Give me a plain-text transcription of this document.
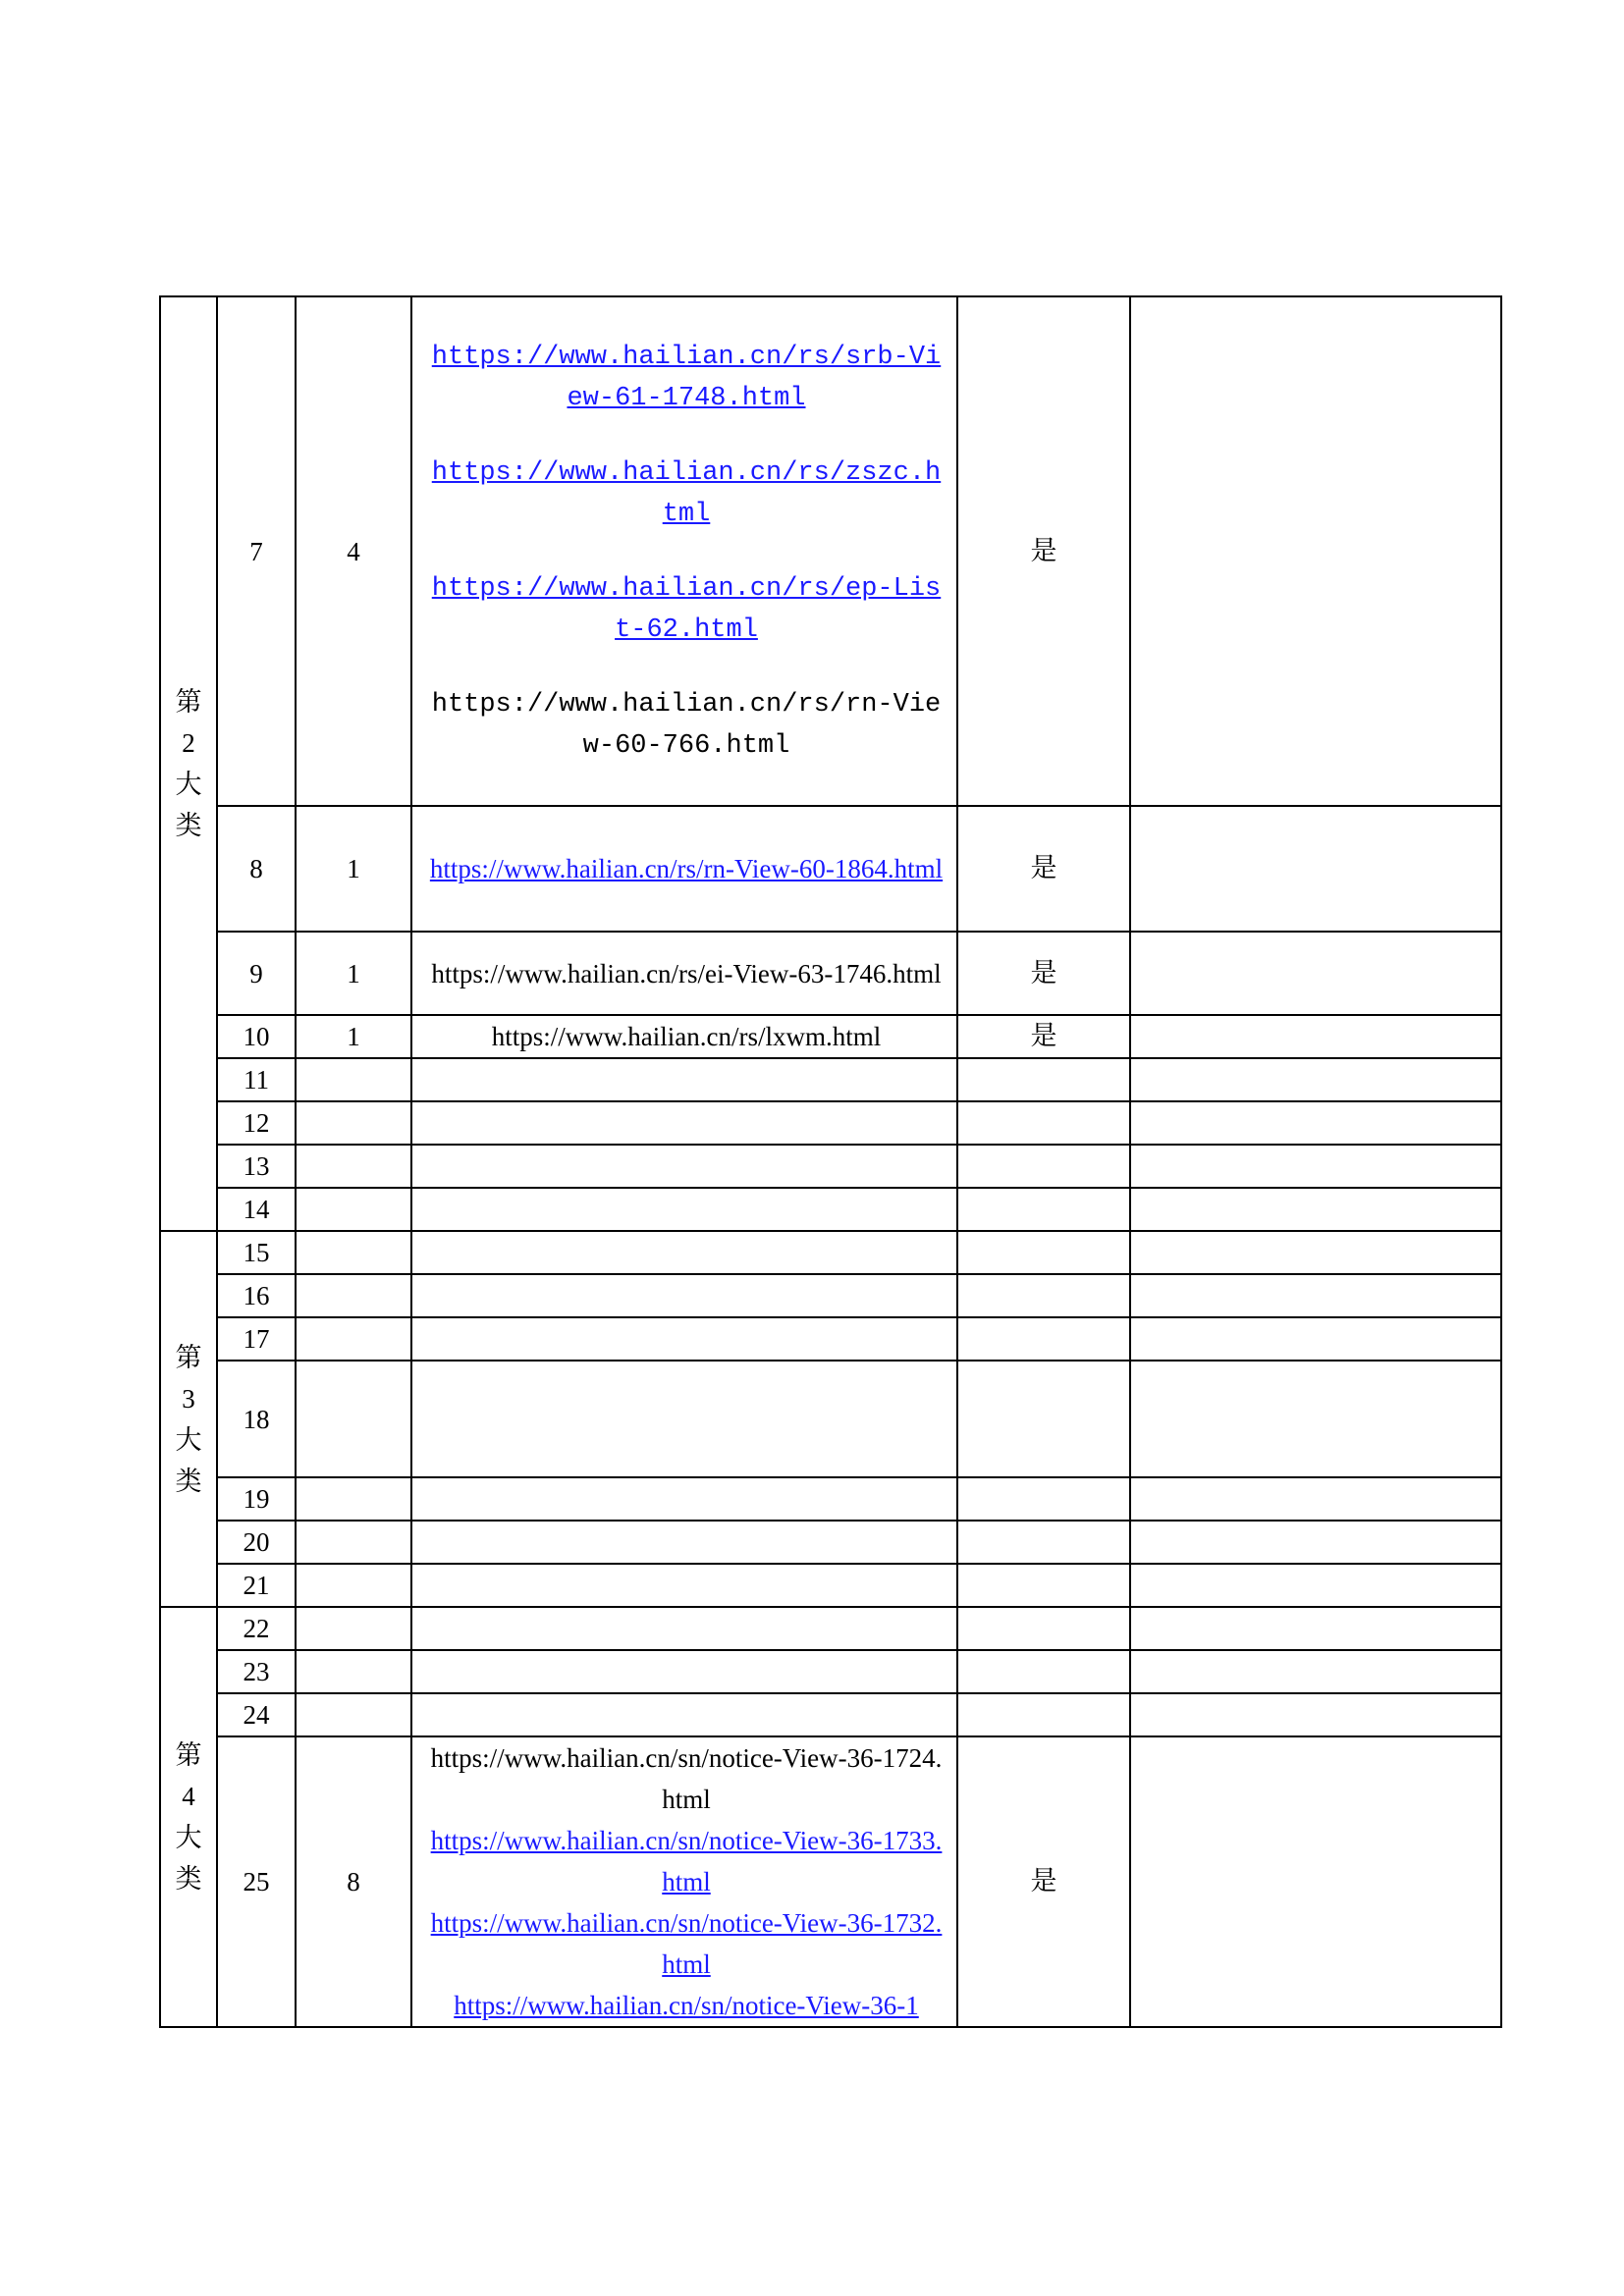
第2大类	7	4	https://www.hailian.cn/rs/srb-View-61-1748.html
https://www.hailian.cn/rs/zszc.html
https://www.hailian.cn/rs/ep-List-62.html
https://www.hailian.cn/rs/rn-View-60-766.html	是	
	8	1	https://www.hailian.cn/rs/rn-View-60-1864.html	是	
	9	1	https://www.hailian.cn/rs/ei-View-63-1746.html	是	
	10	1	https://www.hailian.cn/rs/lxwm.html	是	
	11				
	12				
	13				
	14				
第3大类	15				
	16				
	17				
	18				
	19				
	20				
	21				
第4大类	22				
	23				
	24				
	25	8	https://www.hailian.cn/sn/notice-View-36-1724.html
https://www.hailian.cn/sn/notice-View-36-1733.html
https://www.hailian.cn/sn/notice-View-36-1732.html
https://www.hailian.cn/sn/notice-View-36-1	是	
